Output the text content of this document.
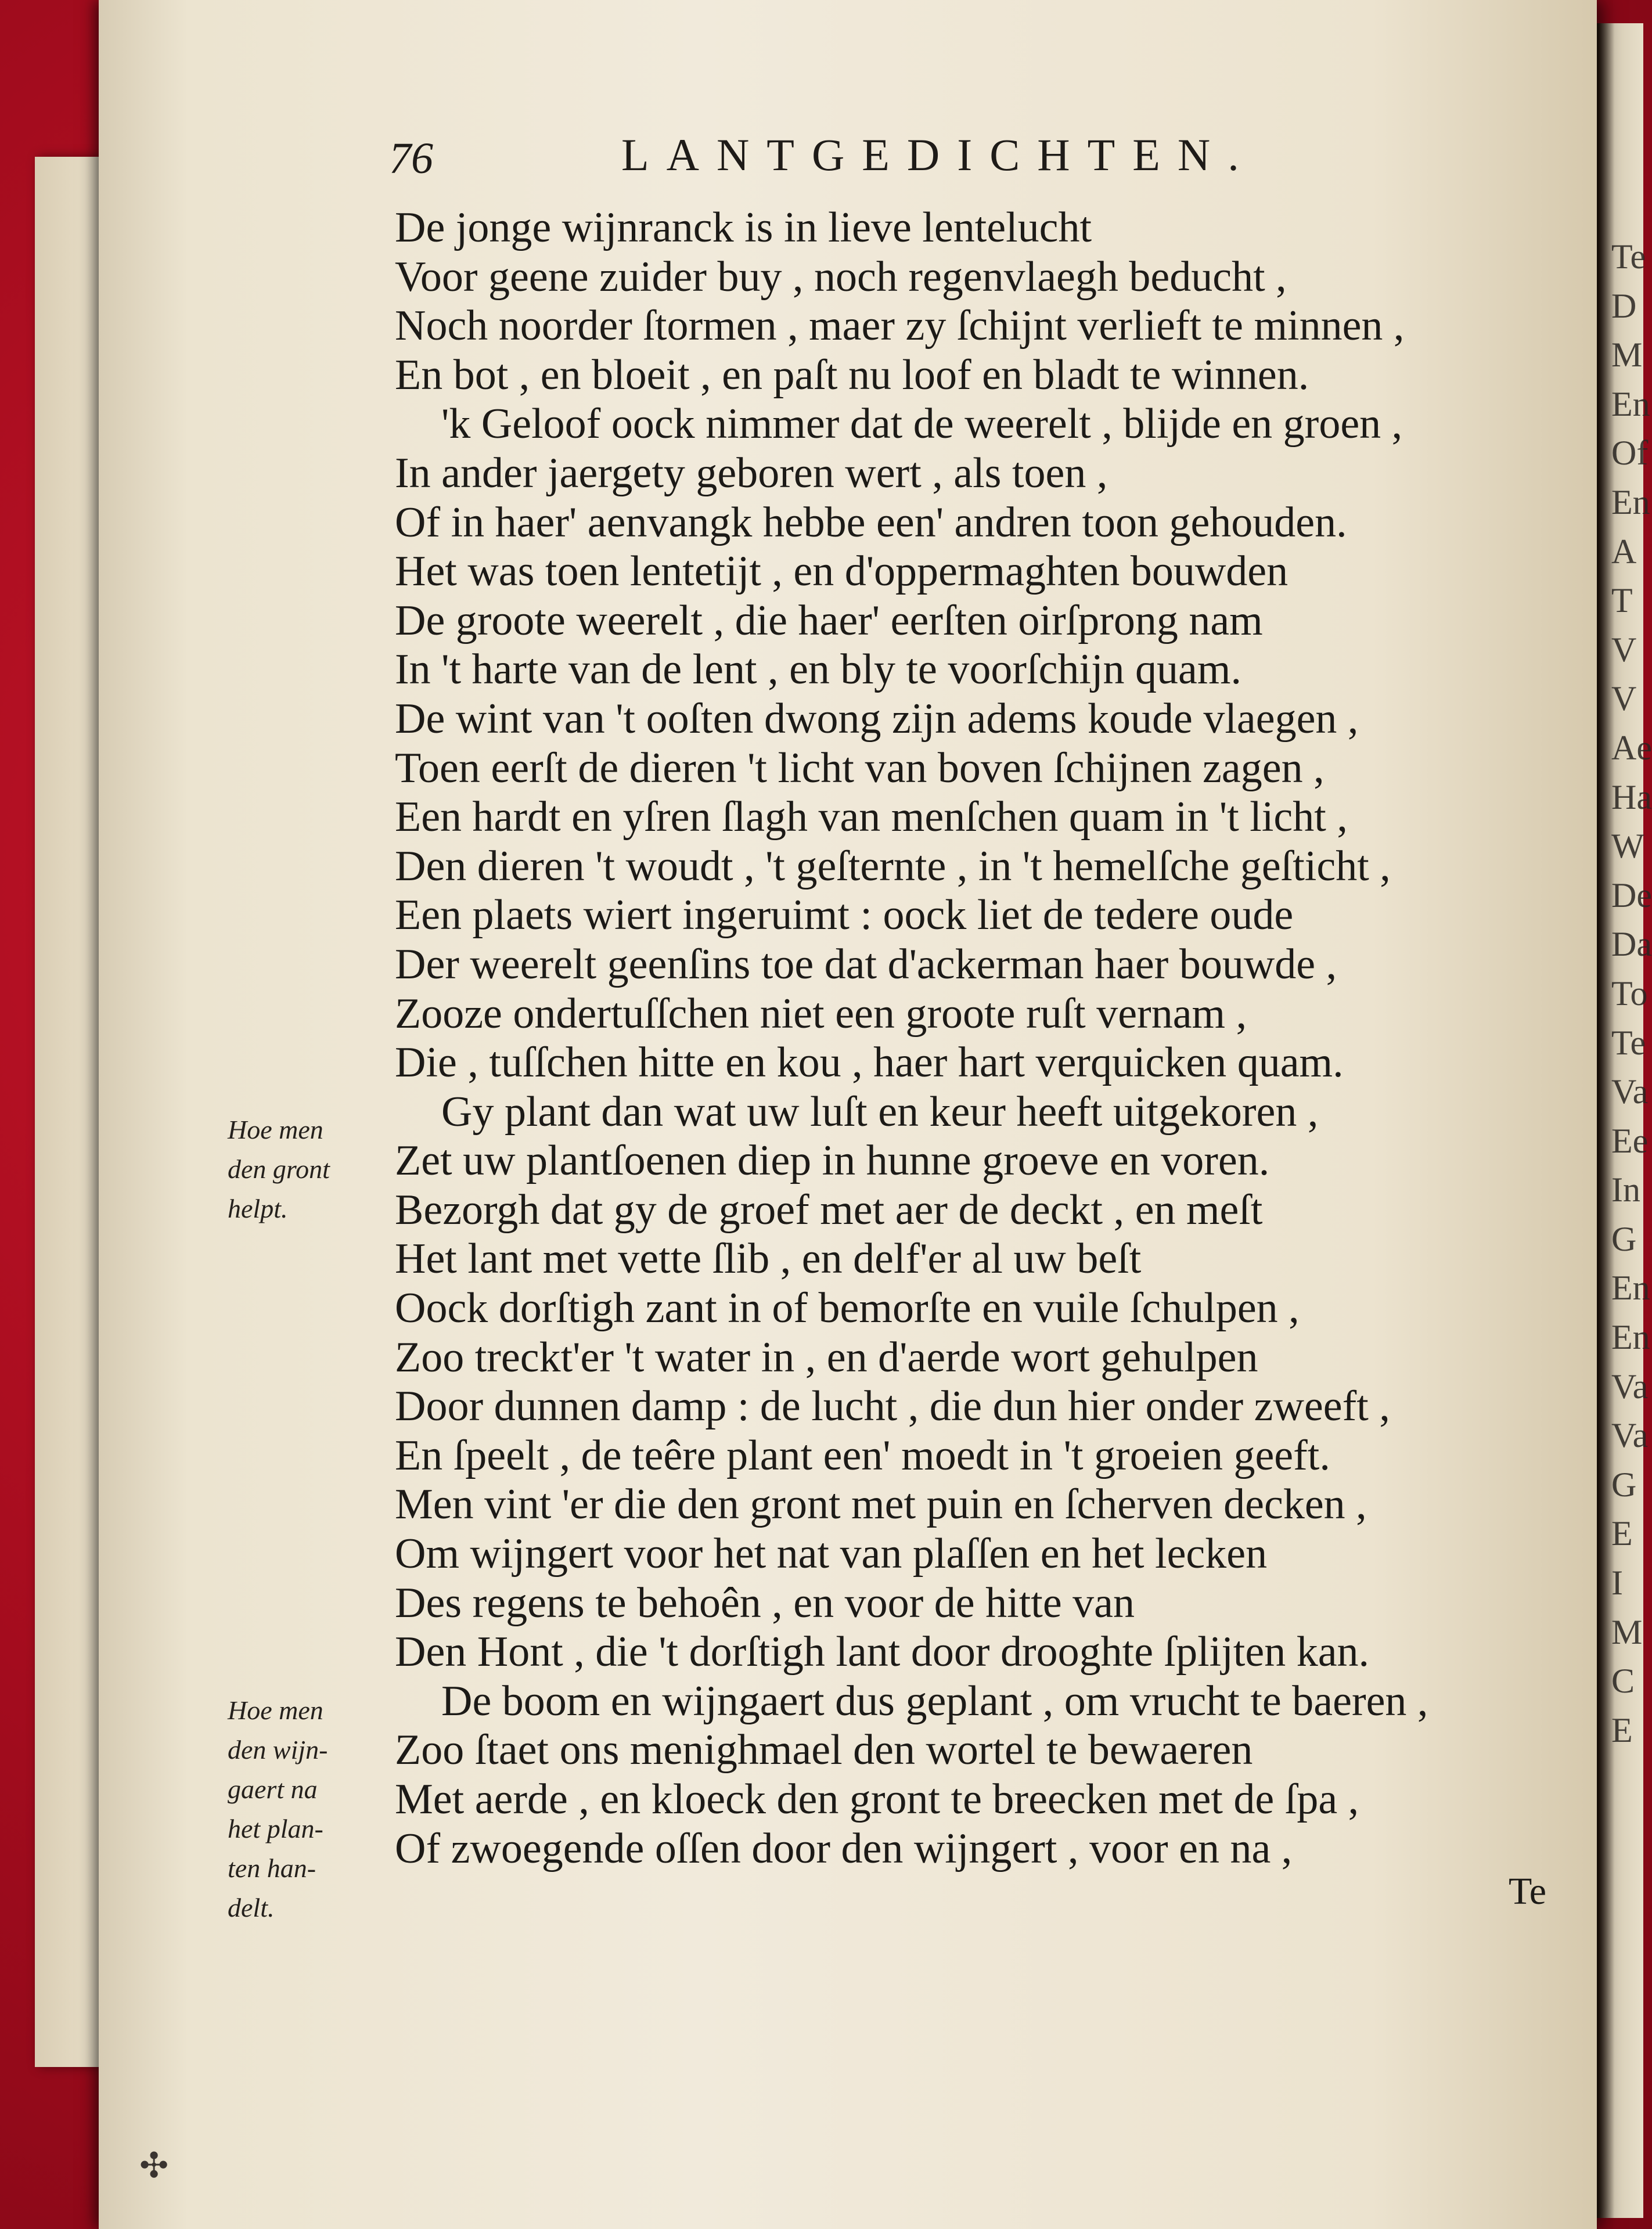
Te
D
M
En
Of
En
A
T
V
V
Ae
Ha
W
De
Da
To
Te
Va
Ee
In
G
En
En
Va
Va
G
E
I
M
C
E
76	LANTGEDICHTEN.
De jonge wijnranck is in lieve lentelucht
Voor geene zuider buy , noch regenvlaegh beducht ,
Noch noorder ſtormen , maer zy ſchijnt verlieft te minnen ,
En bot , en bloeit , en paſt nu loof en bladt te winnen.
'k Geloof oock nimmer dat de weerelt , blijde en groen ,
In ander jaergety geboren wert , als toen ,
Of in haer' aenvangk hebbe een' andren toon gehouden.
Het was toen lentetijt , en d'oppermaghten bouwden
De groote weerelt , die haer' eerſten oirſprong nam
In 't harte van de lent , en bly te voorſchijn quam.
De wint van 't ooſten dwong zijn adems koude vlaegen ,
Toen eerſt de dieren 't licht van boven ſchijnen zagen ,
Een hardt en yſren ſlagh van menſchen quam in 't licht ,
Den dieren 't woudt , 't geſternte , in 't hemelſche geſticht ,
Een plaets wiert ingeruimt : oock liet de tedere oude
Der weerelt geenſins toe dat d'ackerman haer bouwde ,
Zooze ondertuſſchen niet een groote ruſt vernam ,
Die , tuſſchen hitte en kou , haer hart verquicken quam.
Gy plant dan wat uw luſt en keur heeft uitgekoren ,
Zet uw plantſoenen diep in hunne groeve en voren.
Bezorgh dat gy de groef met aer de deckt , en meſt
Het lant met vette ſlib , en delf'er al uw beſt
Oock dorſtigh zant in of bemorſte en vuile ſchulpen ,
Zoo treckt'er 't water in , en d'aerde wort gehulpen
Door dunnen damp : de lucht , die dun hier onder zweeft ,
En ſpeelt , de teêre plant een' moedt in 't groeien geeft.
Men vint 'er die den gront met puin en ſcherven decken ,
Om wijngert voor het nat van plaſſen en het lecken
Des regens te behoên , en voor de hitte van
Den Hont , die 't dorſtigh lant door drooghte ſplijten kan.
De boom en wijngaert dus geplant , om vrucht te baeren ,
Zoo ſtaet ons menighmael den wortel te bewaeren
Met aerde , en kloeck den gront te breecken met de ſpa ,
Of zwoegende oſſen door den wijngert , voor en na ,
Hoe men
den gront
helpt.
Hoe men
den wijn-
gaert na
het plan-
ten han-
delt.	Te
✣
